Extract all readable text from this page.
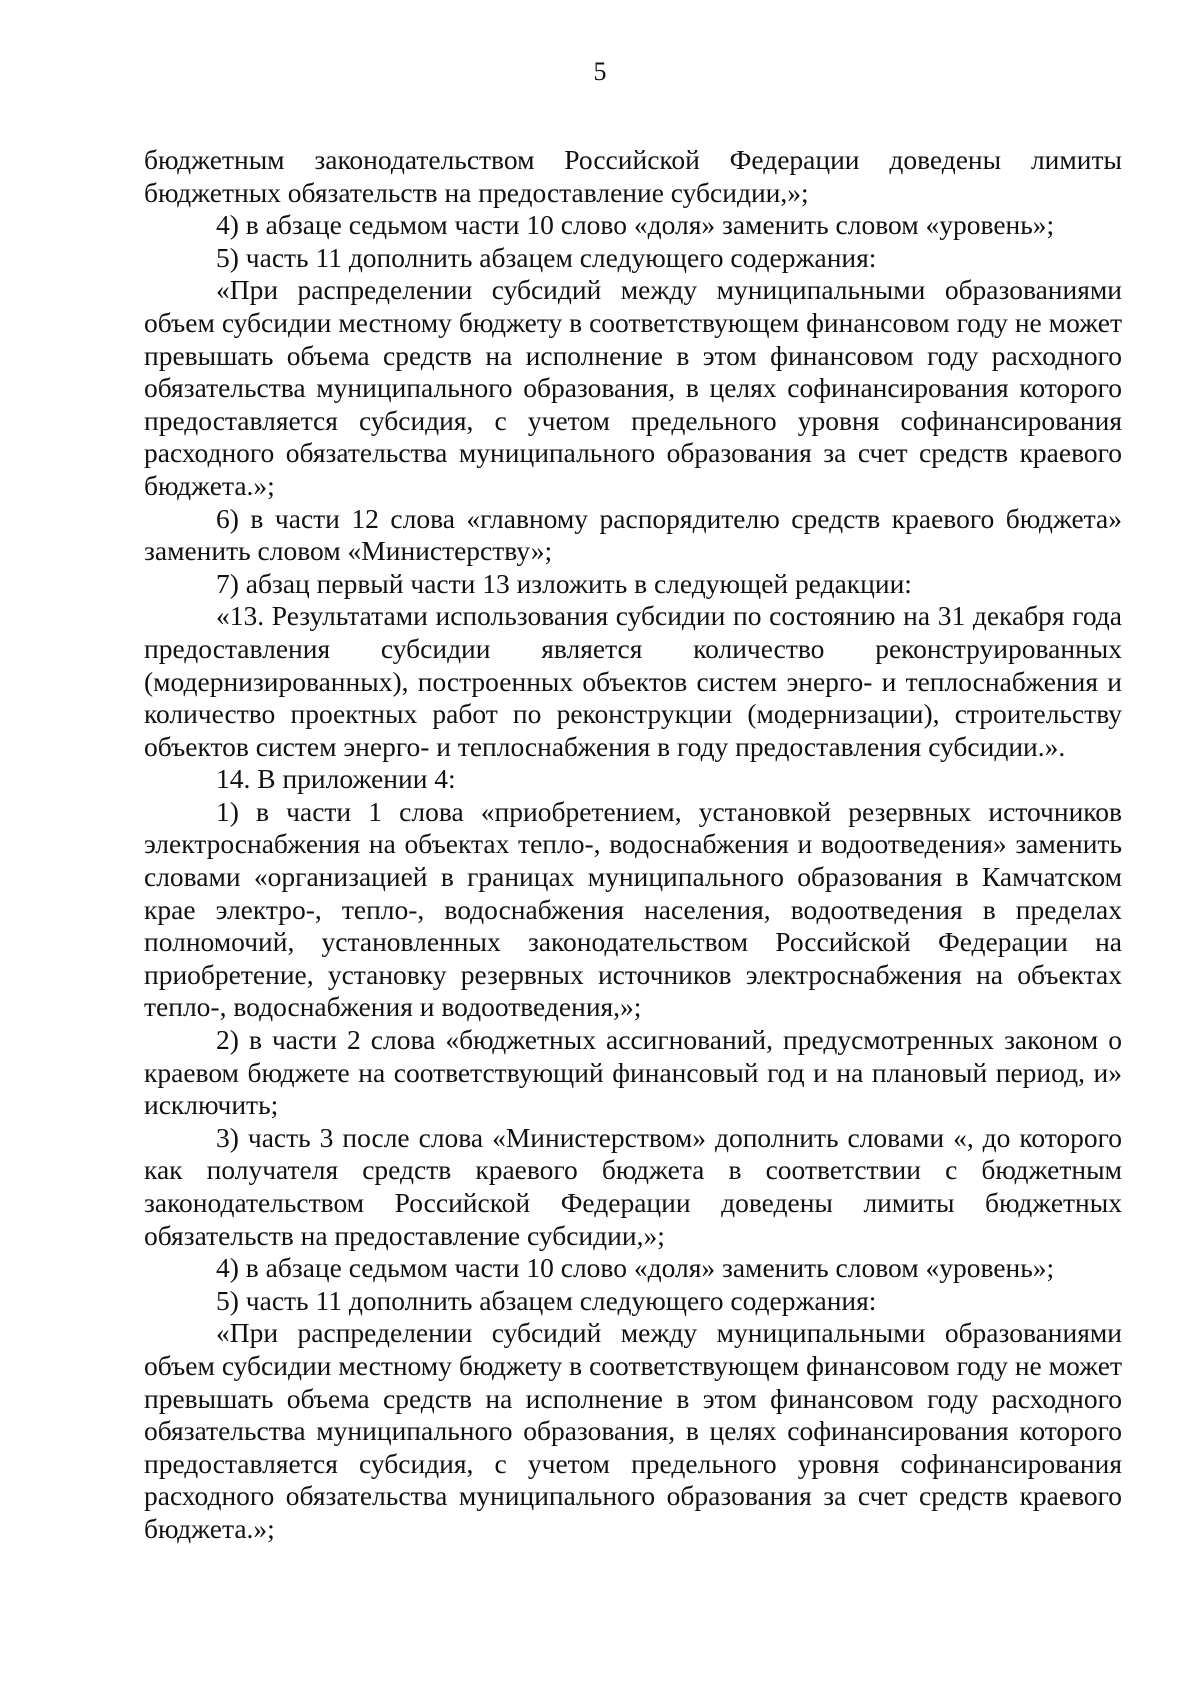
5

бюджетным законодательством Российской Федерации доведены лимиты бюджетных обязательств на предоставление субсидии,»;

4) в абзаце седьмом части 10 слово «доля» заменить словом «уровень»;

5) часть 11 дополнить абзацем следующего содержания:

«При распределении субсидий между муниципальными образованиями объем субсидии местному бюджету в соответствующем финансовом году не может превышать объема средств на исполнение в этом финансовом году расходного обязательства муниципального образования, в целях софинансирования которого предоставляется субсидия, с учетом предельного уровня софинансирования расходного обязательства муниципального образования за счет средств краевого бюджета.»;

6) в части 12 слова «главному распорядителю средств краевого бюджета» заменить словом «Министерству»;

7) абзац первый части 13 изложить в следующей редакции:

«13. Результатами использования субсидии по состоянию на 31 декабря года предоставления субсидии является количество реконструированных (модернизированных), построенных объектов систем энерго- и теплоснабжения и количество проектных работ по реконструкции (модернизации), строительству объектов систем энерго- и теплоснабжения в году предоставления субсидии.».

14. В приложении 4:

1) в части 1 слова «приобретением, установкой резервных источников электроснабжения на объектах тепло-, водоснабжения и водоотведения» заменить словами «организацией в границах муниципального образования в Камчатском крае электро-, тепло-, водоснабжения населения, водоотведения в пределах полномочий, установленных законодательством Российской Федерации на приобретение, установку резервных источников электроснабжения на объектах тепло-, водоснабжения и водоотведения,»;

2) в части 2 слова «бюджетных ассигнований, предусмотренных законом о краевом бюджете на соответствующий финансовый год и на плановый период, и» исключить;

3) часть 3 после слова «Министерством» дополнить словами «, до которого как получателя средств краевого бюджета в соответствии с бюджетным законодательством Российской Федерации доведены лимиты бюджетных обязательств на предоставление субсидии,»;

4) в абзаце седьмом части 10 слово «доля» заменить словом «уровень»;

5) часть 11 дополнить абзацем следующего содержания:

«При распределении субсидий между муниципальными образованиями объем субсидии местному бюджету в соответствующем финансовом году не может превышать объема средств на исполнение в этом финансовом году расходного обязательства муниципального образования, в целях софинансирования которого предоставляется субсидия, с учетом предельного уровня софинансирования расходного обязательства муниципального образования за счет средств краевого бюджета.»;
